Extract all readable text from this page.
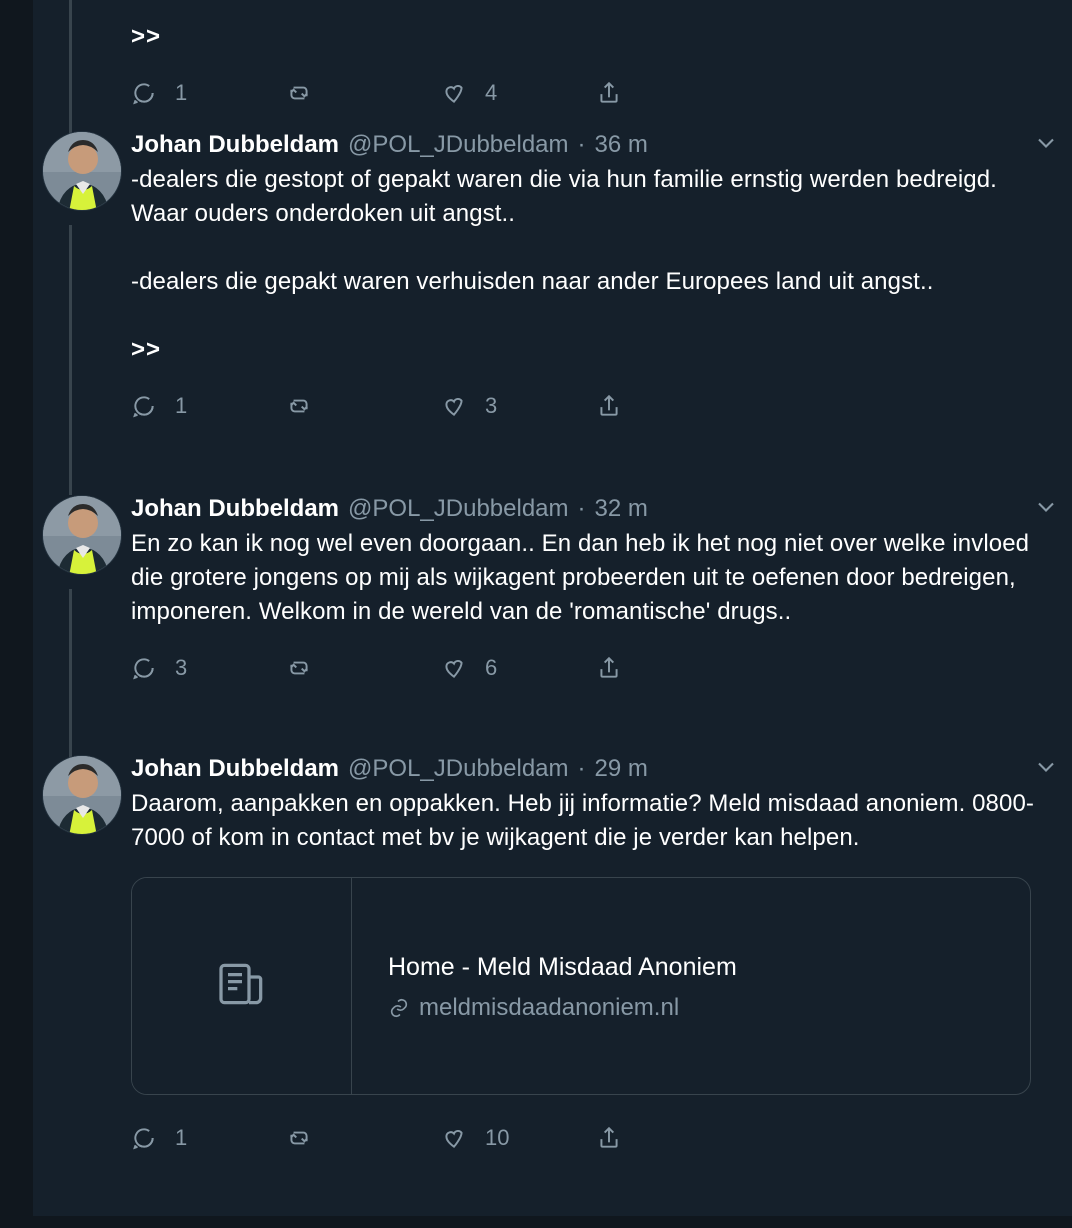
>>

1	4
Johan Dubbeldam @POL_JDubbeldam · 36 m

-dealers die gestopt of gepakt waren die via hun familie ernstig werden bedreigd. Waar ouders onderdoken uit angst..

-dealers die gepakt waren verhuisden naar ander Europees land uit angst..

>>

1	3
Johan Dubbeldam @POL_JDubbeldam · 32 m

En zo kan ik nog wel even doorgaan.. En dan heb ik het nog niet over welke invloed die grotere jongens op mij als wijkagent probeerden uit te oefenen door bedreigen, imponeren. Welkom in de wereld van de 'romantische' drugs..

3	6
Johan Dubbeldam @POL_JDubbeldam · 29 m

Daarom, aanpakken en oppakken. Heb jij informatie? Meld misdaad anoniem. 0800-7000 of kom in contact met bv je wijkagent die je verder kan helpen.

Home - Meld Misdaad Anoniem
meldmisdaadanoniem.nl
1	10
